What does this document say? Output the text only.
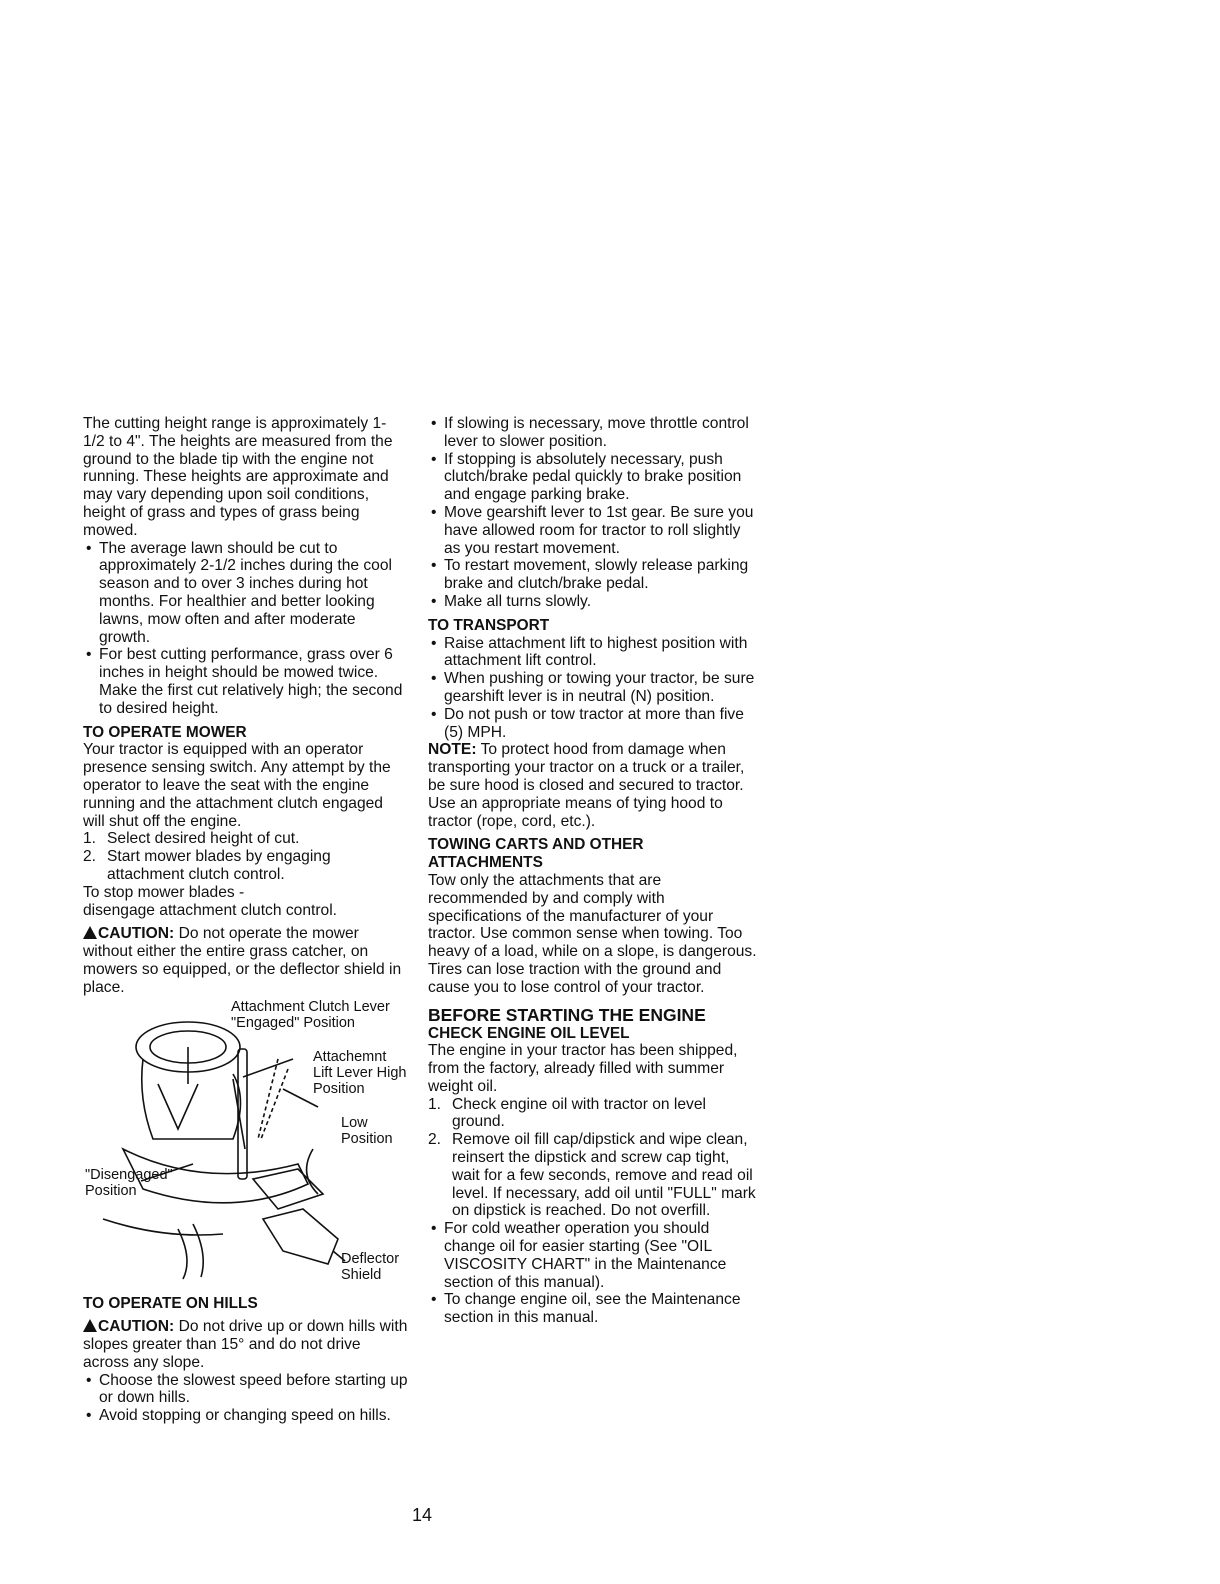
The cutting height range is approximately 1-1/2 to 4". The heights are measured from the ground to the blade tip with the engine not running. These heights are approximate and may vary depending upon soil conditions, height of grass and types of grass being mowed.

• The average lawn should be cut to approximately 2-1/2 inches during the cool season and to over 3 inches during hot months. For healthier and better looking lawns, mow often and after moderate growth.
• For best cutting performance, grass over 6 inches in height should be mowed twice. Make the first cut relatively high; the second to desired height.

TO OPERATE MOWER

Your tractor is equipped with an operator presence sensing switch. Any attempt by the operator to leave the seat with the engine running and the attachment clutch engaged will shut off the engine.

1. Select desired height of cut.
2. Start mower blades by engaging attachment clutch control.

To stop mower blades -

disengage attachment clutch control.

CAUTION: Do not operate the mower without either the entire grass catcher, on mowers so equipped, or the deflector shield in place.

Attachment Clutch Lever "Engaged" Position
Attachemnt Lift Lever High Position
Low Position
"Disengaged" Position
Deflector Shield

TO OPERATE ON HILLS

CAUTION: Do not drive up or down hills with slopes greater than 15° and do not drive across any slope.

• Choose the slowest speed before starting up or down hills.
• Avoid stopping or changing speed on hills.
• If slowing is necessary, move throttle control lever to slower position.
• If stopping is absolutely necessary, push clutch/brake pedal quickly to brake position and engage parking brake.
• Move gearshift lever to 1st gear. Be sure you have allowed room for tractor to roll slightly as you restart movement.
• To restart movement, slowly release parking brake and clutch/brake pedal.
• Make all turns slowly.

TO TRANSPORT

• Raise attachment lift to highest position with attachment lift control.
• When pushing or towing your tractor, be sure gearshift lever is in neutral (N) position.
• Do not push or tow tractor at more than five (5) MPH.

NOTE: To protect hood from damage when transporting your tractor on a truck or a trailer, be sure hood is closed and secured to tractor. Use an appropriate means of tying hood to tractor (rope, cord, etc.).

TOWING CARTS AND OTHER ATTACHMENTS

Tow only the attachments that are recommended by and comply with specifications of the manufacturer of your tractor. Use common sense when towing. Too heavy of a load, while on a slope, is dangerous. Tires can lose traction with the ground and cause you to lose control of your tractor.

BEFORE STARTING THE ENGINE

CHECK ENGINE OIL LEVEL

The engine in your tractor has been shipped, from the factory, already filled with summer weight oil.

1. Check engine oil with tractor on level ground.
2. Remove oil fill cap/dipstick and wipe clean, reinsert the dipstick and screw cap tight, wait for a few seconds, remove and read oil level. If necessary, add oil until "FULL" mark on dipstick is reached. Do not overfill.
• For cold weather operation you should change oil for easier starting (See "OIL VISCOSITY CHART" in the Maintenance section of this manual).
• To change engine oil, see the Maintenance section in this manual.
14
